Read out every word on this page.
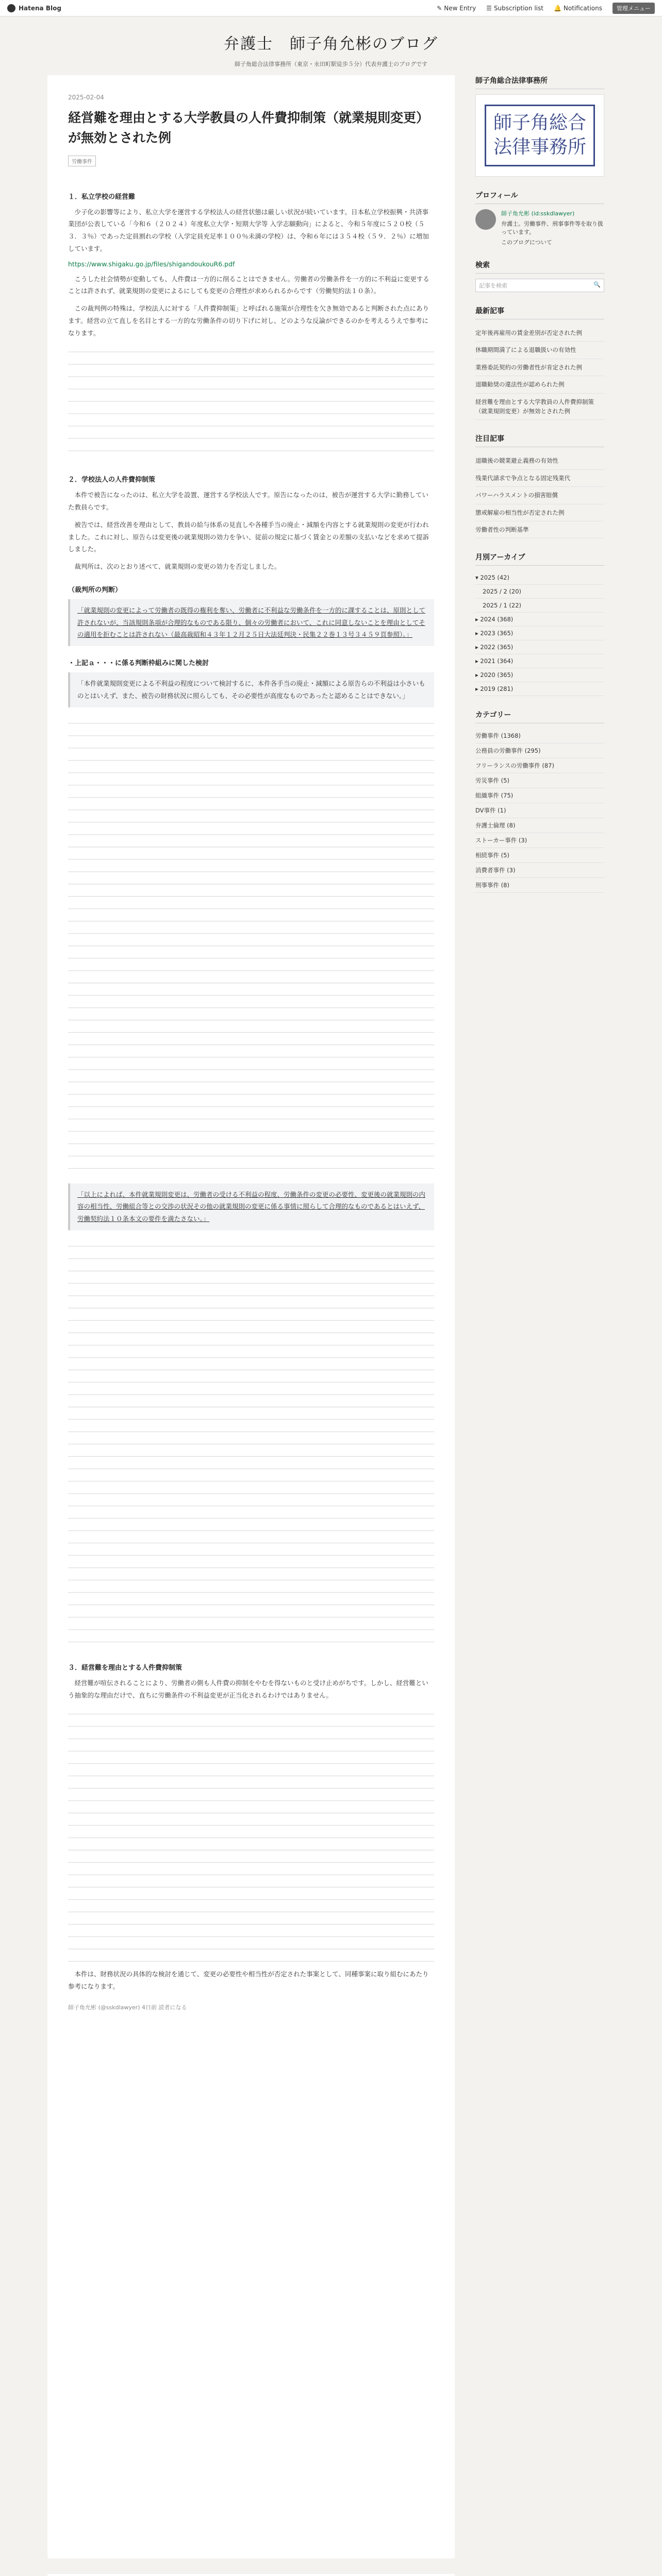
Hatena Blog	✎ New Entry ☰ Subscription list 🔔 Notifications	管理メニュー
弁護士　師子角允彬のブログ
師子角総合法律事務所（東京・永田町駅徒歩５分）代表弁護士のブログです
2025-02-04
経営難を理由とする大学教員の人件費抑制策（就業規則変更）が無効とされた例
労働事件
１．私立学校の経営難
少子化の影響等により、私立大学を運営する学校法人の経営状態は厳しい状況が続いています。日本私立学校振興・共済事業団が公表している「今和６（２０２４）年度私立大学・短期大学等 入学志願動向」によると、今和５年度に５２０校（５３．３％）であった定員割れの学校（入学定員充足率１００％未満の学校）は、令和６年には３５４校（５９．２％）に増加しています。
https://www.shigaku.go.jp/files/shigandoukouR6.pdf
こうした社会情勢が変動しても、人件費は一方的に削ることはできません。労働者の労働条件を一方的に不利益に変更することは許されず、就業規則の変更によるにしても変更の合理性が求められるからです（労働契約法１０条）。
この裁判例の特殊は、学校法人に対する「人件費抑制策」と呼ばれる施策が合理性を欠き無効であると判断された点にあります。経営の立て直しを名目とする一方的な労働条件の切り下げに対し、どのような反論ができるのかを考えるうえで参考になります。
２．学校法人の人件費抑制策
本件で被告になったのは、私立大学を設置、運営する学校法人です。原告になったのは、被告が運営する大学に勤務していた教員らです。
被告では、経営改善を理由として、教員の給与体系の見直しや各種手当の廃止・減額を内容とする就業規則の変更が行われました。これに対し、原告らは変更後の就業規則の効力を争い、従前の規定に基づく賃金との差額の支払いなどを求めて提訴しました。
裁判所は、次のとおり述べて、就業規則の変更の効力を否定しました。
（裁判所の判断）
「就業規則の変更によって労働者の既得の権利を奪い、労働者に不利益な労働条件を一方的に課することは、原則として許されないが、当該規則条項が合理的なものである限り、個々の労働者において、これに同意しないことを理由としてその適用を拒むことは許されない（最高裁昭和４３年１２月２５日大法廷判決・民集２２巻１３号３４５９頁参照）。」
・上記ａ・・・に係る判断枠組みに関した検討
「本件就業規則変更による不利益の程度について検討するに、本件各手当の廃止・減額による原告らの不利益は小さいものとはいえず、また、被告の財務状況に照らしても、その必要性が高度なものであったと認めることはできない。」
「以上によれば、本件就業規則変更は、労働者の受ける不利益の程度、労働条件の変更の必要性、変更後の就業規則の内容の相当性、労働組合等との交渉の状況その他の就業規則の変更に係る事情に照らして合理的なものであるとはいえず、労働契約法１０条本文の要件を満たさない。」
３．経営難を理由とする人件費抑制策
経営難が喧伝されることにより、労働者の側も人件費の抑制をやむを得ないものと受け止めがちです。しかし、経営難という抽象的な理由だけで、直ちに労働条件の不利益変更が正当化されるわけではありません。
本件は、財務状況の具体的な検討を通じて、変更の必要性や相当性が否定された事案として、同種事案に取り組むにあたり参考になります。
師子角允彬 (@sskdlawyer) 4日前 読者になる
師子角総合法律事務所
師子角総合
法律事務所
プロフィール
師子角允彬 (id:sskdlawyer)
弁護士。労働事件、刑事事件等を取り扱っています。
このブログについて
検索
記事を検索	🔍
最新記事
定年後再雇用の賃金差別が否定された例
休職期間満了による退職扱いの有効性
業務委託契約の労働者性が肯定された例
退職勧奨の違法性が認められた例
経営難を理由とする大学教員の人件費抑制策（就業規則変更）が無効とされた例
注目記事
退職後の競業避止義務の有効性
残業代請求で争点となる固定残業代
パワーハラスメントの損害賠償
懲戒解雇の相当性が否定された例
労働者性の判断基準
月別アーカイブ
▾ 2025 (42)
2025 / 2 (20)
2025 / 1 (22)
▸ 2024 (368)
▸ 2023 (365)
▸ 2022 (365)
▸ 2021 (364)
▸ 2020 (365)
▸ 2019 (281)
カテゴリー
労働事件 (1368)
公務員の労働事件 (295)
フリーランスの労働事件 (87)
労災事件 (5)
組織事件 (75)
DV事件 (1)
弁護士倫理 (8)
ストーカー事件 (3)
相続事件 (5)
消費者事件 (3)
刑事事件 (8)
